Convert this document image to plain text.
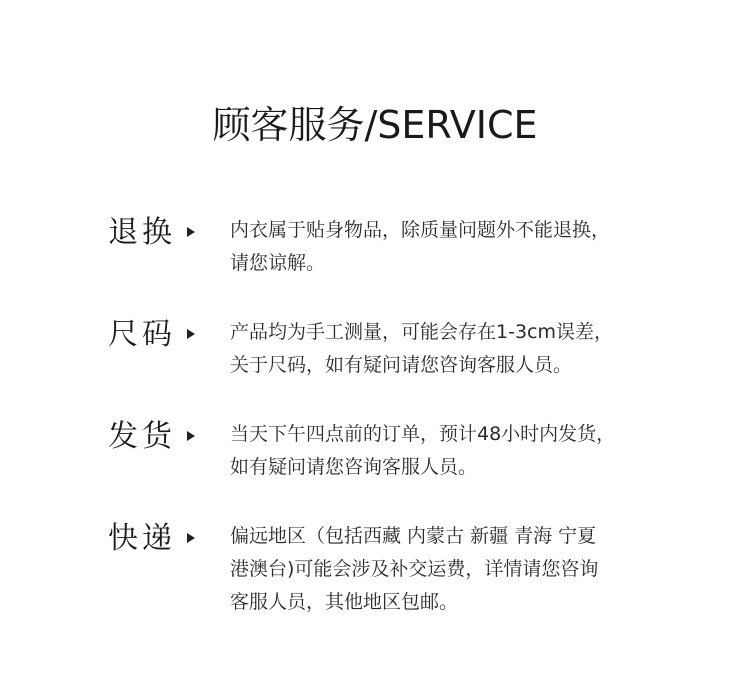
顾客服务/SERVICE
退换	内衣属于贴身物品，除质量问题外不能退换，
请您谅解。
尺码	产品均为手工测量，可能会存在1-3cm误差，
关于尺码，如有疑问请您咨询客服人员。
发货	当天下午四点前的订单，预计48小时内发货，
如有疑问请您咨询客服人员。
快递	偏远地区（包括西藏 内蒙古 新疆 青海 宁夏
港澳台)可能会涉及补交运费，详情请您咨询
客服人员，其他地区包邮。
